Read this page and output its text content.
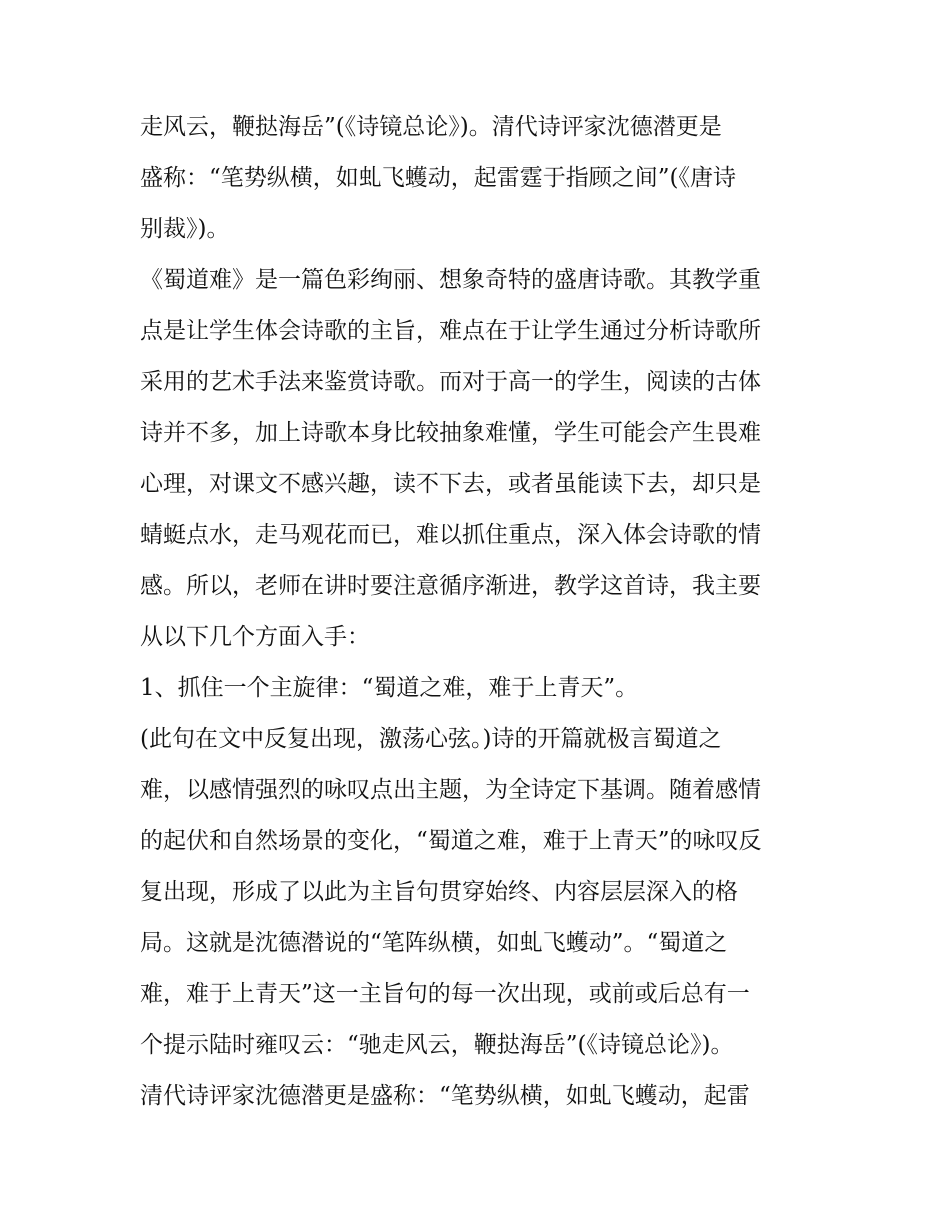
走风云，鞭挞海岳”(《诗镜总论》)。清代诗评家沈德潜更是
盛称：“笔势纵横，如虬飞蠖动，起雷霆于指顾之间”(《唐诗
别裁》)。
《蜀道难》是一篇色彩绚丽、想象奇特的盛唐诗歌。其教学重
点是让学生体会诗歌的主旨，难点在于让学生通过分析诗歌所
采用的艺术手法来鉴赏诗歌。而对于高一的学生，阅读的古体
诗并不多，加上诗歌本身比较抽象难懂，学生可能会产生畏难
心理，对课文不感兴趣，读不下去，或者虽能读下去，却只是
蜻蜓点水，走马观花而已，难以抓住重点，深入体会诗歌的情
感。所以，老师在讲时要注意循序渐进，教学这首诗，我主要
从以下几个方面入手：
1、抓住一个主旋律：“蜀道之难，难于上青天”。
(此句在文中反复出现，激荡心弦。)诗的开篇就极言蜀道之
难，以感情强烈的咏叹点出主题，为全诗定下基调。随着感情
的起伏和自然场景的变化，“蜀道之难，难于上青天”的咏叹反
复出现，形成了以此为主旨句贯穿始终、内容层层深入的格
局。这就是沈德潜说的“笔阵纵横，如虬飞蠖动”。“蜀道之
难，难于上青天”这一主旨句的每一次出现，或前或后总有一
个提示陆时雍叹云：“驰走风云，鞭挞海岳”(《诗镜总论》)。
清代诗评家沈德潜更是盛称：“笔势纵横，如虬飞蠖动，起雷
